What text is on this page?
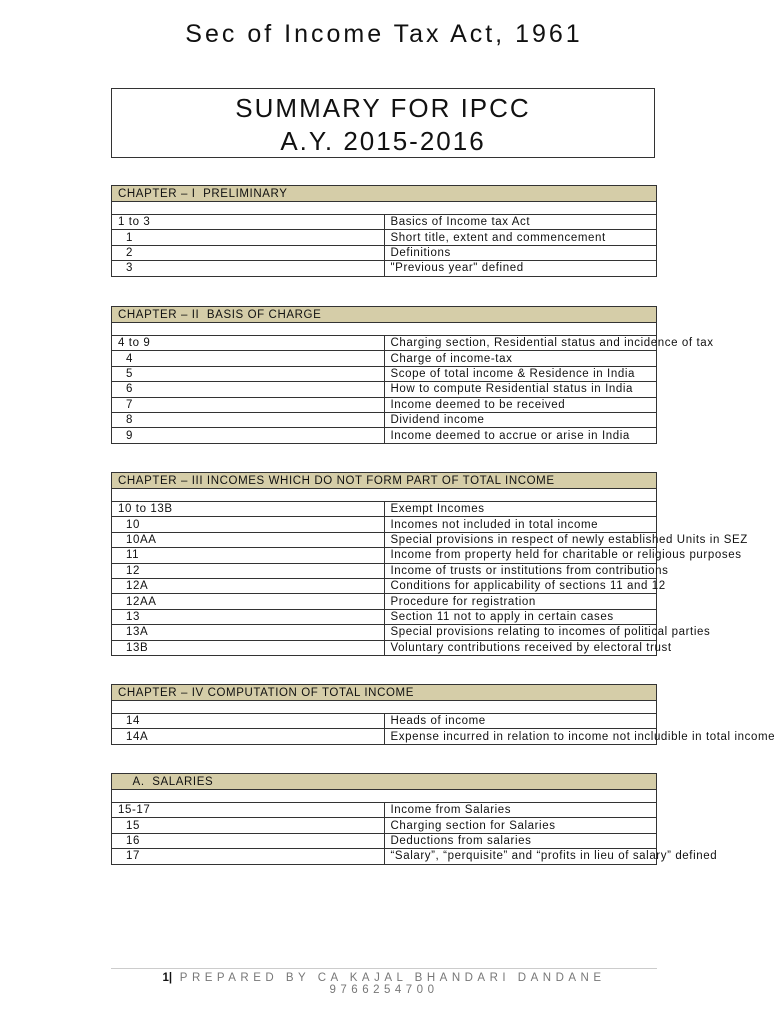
Sec of Income Tax Act, 1961
SUMMARY FOR IPCC
A.Y. 2015-2016
CHAPTER – I  PRELIMINARY	

1 to 3	Basics of Income tax Act
1	Short title, extent and commencement
2	Definitions
3	"Previous year" defined
CHAPTER – II  BASIS OF CHARGE	

4 to 9	Charging section, Residential status and incidence of tax
4	Charge of income-tax
5	Scope of total income & Residence in India
6	How to compute Residential status in India
7	Income deemed to be received
8	Dividend income
9	Income deemed to accrue or arise in India
CHAPTER – III INCOMES WHICH DO NOT FORM PART OF TOTAL INCOME	

10 to 13B	Exempt Incomes
10	Incomes not included in total income
10AA	Special provisions in respect of newly established Units in SEZ
11	Income from property held for charitable or religious purposes
12	Income of trusts or institutions from contributions
12A	Conditions for applicability of sections 11 and 12
12AA	Procedure for registration
13	Section 11 not to apply in certain cases
13A	Special provisions relating to incomes of political parties
13B	Voluntary contributions received by electoral trust
CHAPTER – IV COMPUTATION OF TOTAL INCOME	

14	Heads of income
14A	Expense incurred in relation to income not includible in total income
A.  SALARIES	

15-17	Income from Salaries
15	Charging section for Salaries
16	Deductions from salaries
17	“Salary”, “perquisite” and “profits in lieu of salary” defined
1| PREPARED BY CA KAJAL BHANDARI DANDANE 9766254700
